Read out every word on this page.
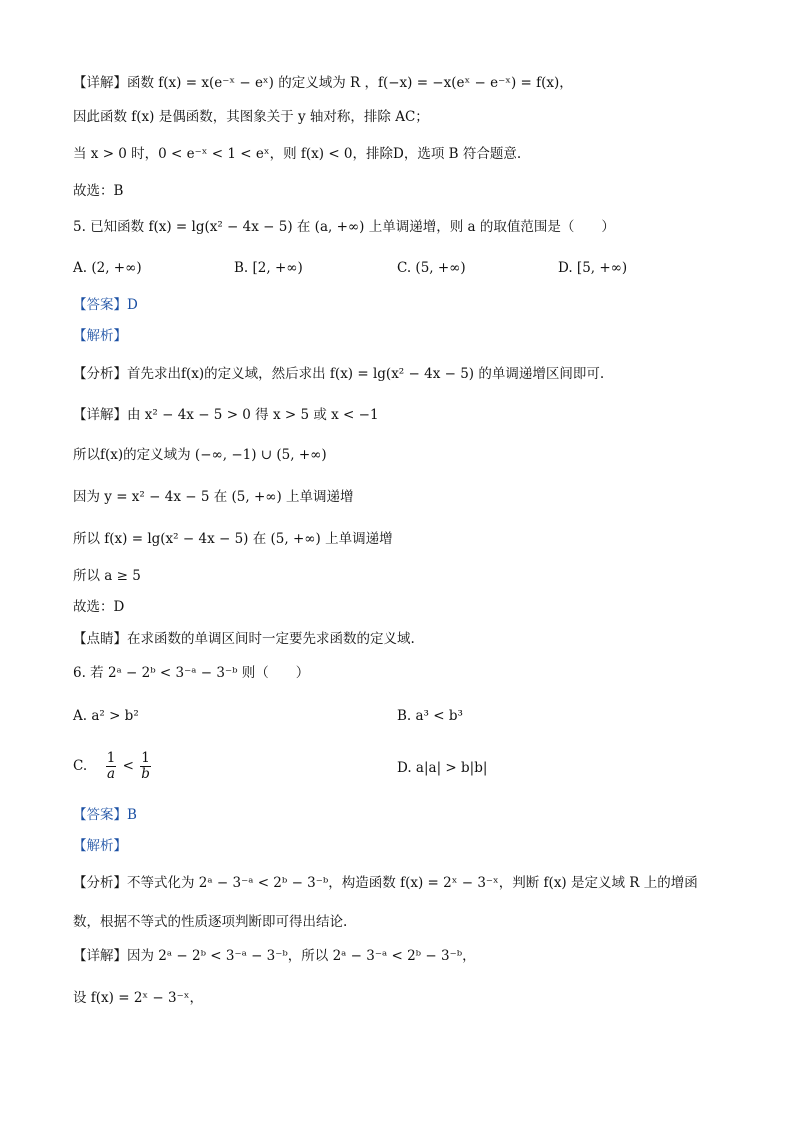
【详解】函数 f(x) = x(e⁻ˣ − eˣ) 的定义域为 R ，f(−x) = −x(eˣ − e⁻ˣ) = f(x)，
因此函数 f(x) 是偶函数，其图象关于 y 轴对称，排除 AC；
当 x > 0 时，0 < e⁻ˣ < 1 < eˣ，则 f(x) < 0，排除D，选项 B 符合题意.
故选：B
5. 已知函数 f(x) = lg(x² − 4x − 5) 在 (a, +∞) 上单调递增，则 a 的取值范围是（　　）
A. (2, +∞)	B. [2, +∞)	C. (5, +∞)	D. [5, +∞)
【答案】D
【解析】
【分析】首先求出f(x)的定义域，然后求出 f(x) = lg(x² − 4x − 5) 的单调递增区间即可.
【详解】由 x² − 4x − 5 > 0 得 x > 5 或 x < −1
所以f(x)的定义域为 (−∞, −1) ∪ (5, +∞)
因为 y = x² − 4x − 5 在 (5, +∞) 上单调递增
所以 f(x) = lg(x² − 4x − 5) 在 (5, +∞) 上单调递增
所以 a ≥ 5
故选：D
【点睛】在求函数的单调区间时一定要先求函数的定义域.
6. 若 2ᵃ − 2ᵇ < 3⁻ᵃ − 3⁻ᵇ 则（　　）
A. a² > b²	B. a³ < b³
C. $\frac{1}{a} < \frac{1}{b}$	D. a|a| > b|b|
【答案】B
【解析】
【分析】不等式化为 2ᵃ − 3⁻ᵃ < 2ᵇ − 3⁻ᵇ，构造函数 f(x) = 2ˣ − 3⁻ˣ，判断 f(x) 是定义域 R 上的增函
数，根据不等式的性质逐项判断即可得出结论.
【详解】因为 2ᵃ − 2ᵇ < 3⁻ᵃ − 3⁻ᵇ，所以 2ᵃ − 3⁻ᵃ < 2ᵇ − 3⁻ᵇ，
设 f(x) = 2ˣ − 3⁻ˣ，
